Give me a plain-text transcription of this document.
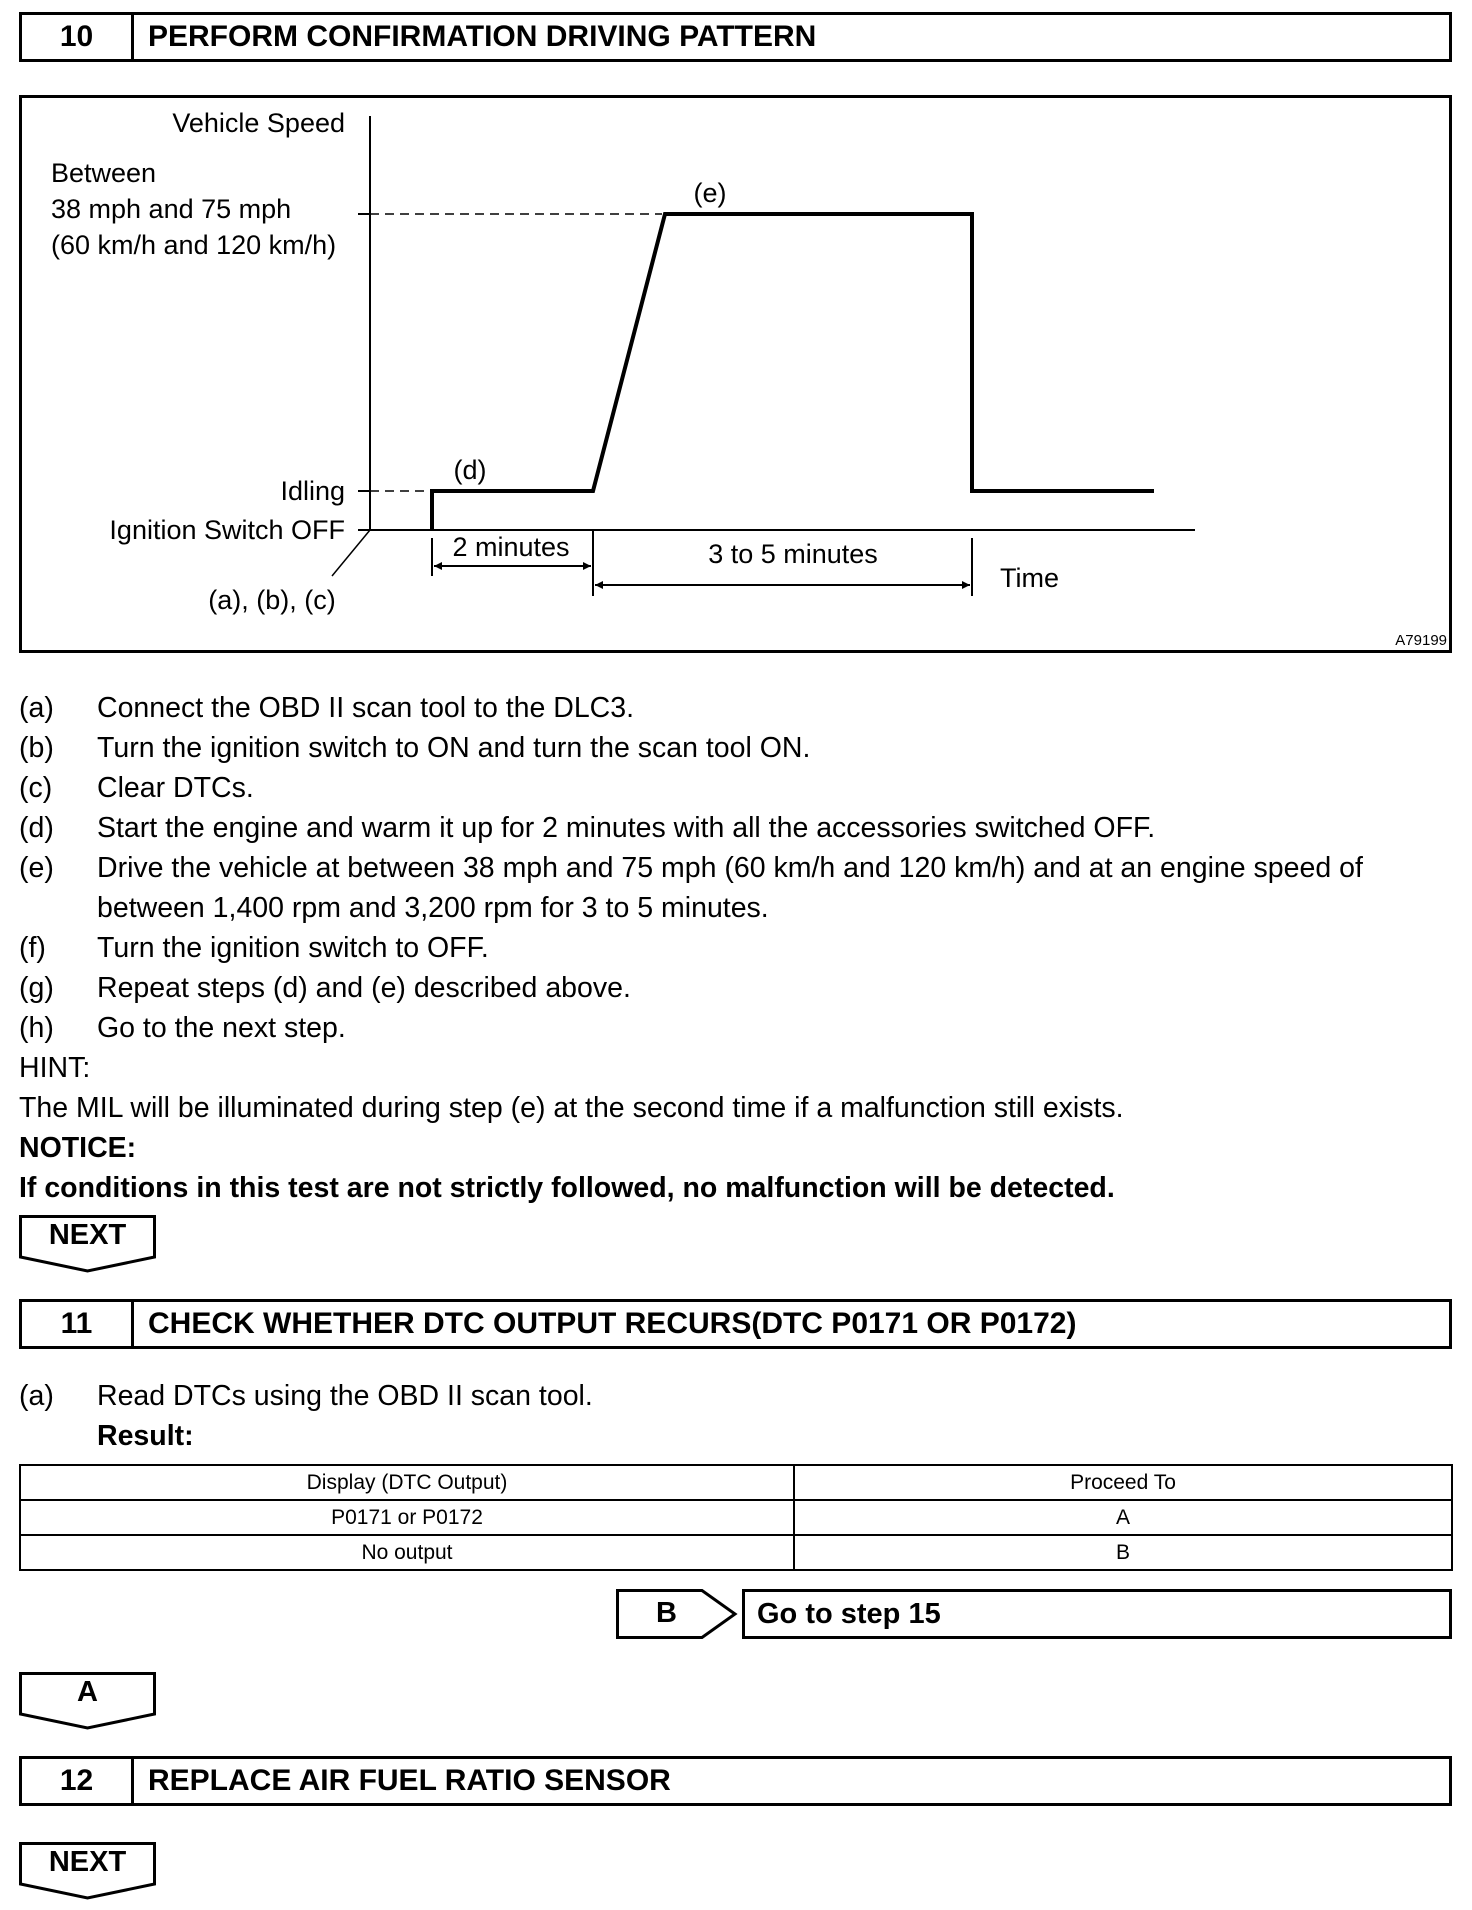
10	PERFORM CONFIRMATION DRIVING PATTERN
Vehicle Speed
Between
38 mph and 75 mph
(60 km/h and 120 km/h)
Idling
Ignition Switch OFF
(a), (b), (c)
(d)
(e)
2 minutes	3 to 5 minutes
Time
A79199
(a)	Connect the OBD II scan tool to the DLC3.
(b)	Turn the ignition switch to ON and turn the scan tool ON.
(c)	Clear DTCs.
(d)	Start the engine and warm it up for 2 minutes with all the accessories switched OFF.
(e)	Drive the vehicle at between 38 mph and 75 mph (60 km/h and 120 km/h) and at an engine speed of between 1,400 rpm and 3,200 rpm for 3 to 5 minutes.
(f)	Turn the ignition switch to OFF.
(g)	Repeat steps (d) and (e) described above.
(h)	Go to the next step.
HINT:
The MIL will be illuminated during step (e) at the second time if a malfunction still exists.
NOTICE:
If conditions in this test are not strictly followed, no malfunction will be detected.
NEXT
11	CHECK WHETHER DTC OUTPUT RECURS(DTC P0171 OR P0172)
(a)	Read DTCs using the OBD II scan tool.
Result:
Display (DTC Output)	Proceed To
P0171 or P0172	A
No output	B
B	Go to step 15
A
12	REPLACE AIR FUEL RATIO SENSOR
NEXT
